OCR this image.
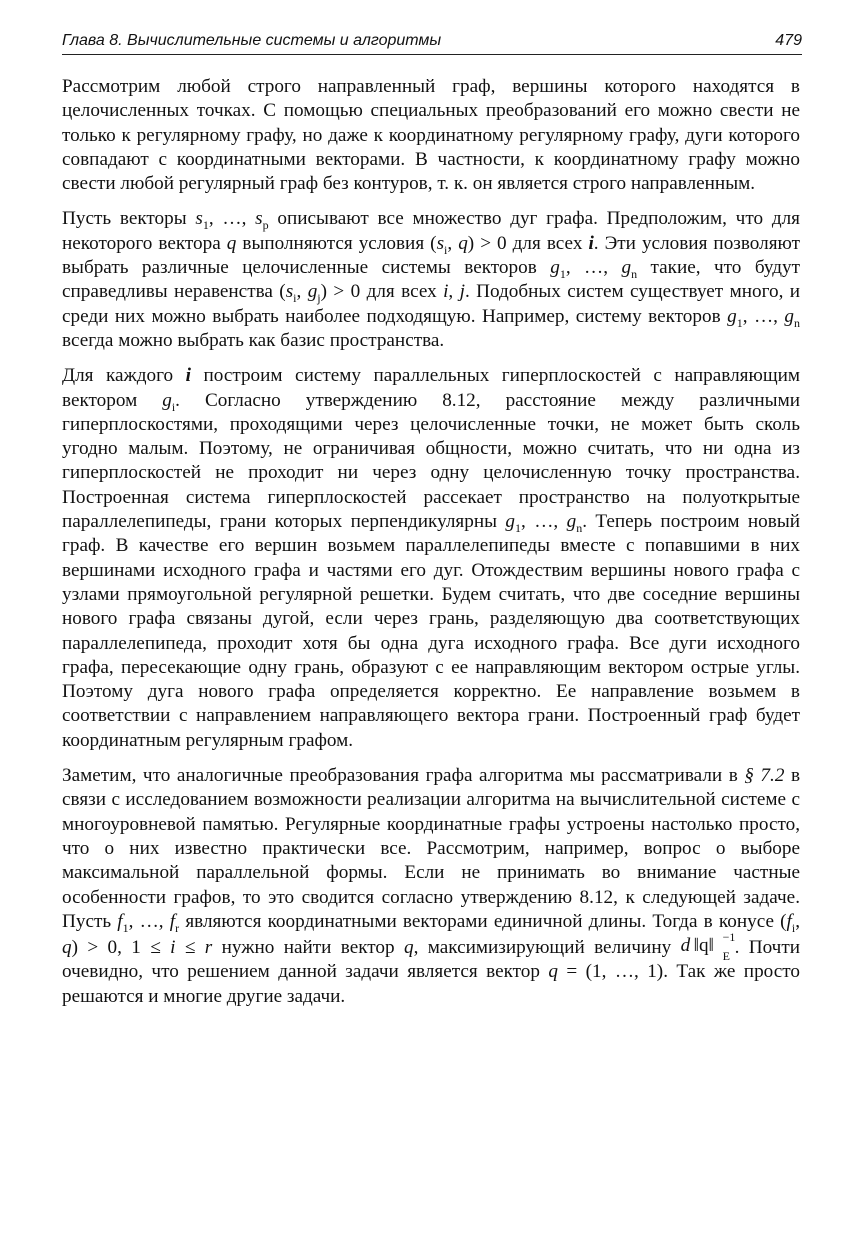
Глава 8. Вычислительные системы и алгоритмы	479

Рассмотрим любой строго направленный граф, вершины которого находятся в целочисленных точках. С помощью специальных преобразований его можно свести не только к регулярному графу, но даже к координатному регулярному графу, дуги которого совпадают с координатными векторами. В частности, к координатному графу можно свести любой регулярный граф без контуров, т. к. он является строго направленным.

Пусть векторы $s_1$, …, $s_p$ описывают все множество дуг графа. Предположим, что для некоторого вектора q выполняются условия ($s_i$, q) > 0 для всех i. Эти условия позволяют выбрать различные целочисленные системы векторов $g_1$, …, $g_n$ такие, что будут справедливы неравенства ($s_i$, $g_j) > 0$ для всех i, j. Подобных систем существует много, и среди них можно выбрать наиболее подходящую. Например, систему векторов $g_1$, …, $g_n$ всегда можно выбрать как базис пространства.

Для каждого i построим систему параллельных гиперплоскостей с направляющим вектором $g_i$. Согласно утверждению 8.12, расстояние между различными гиперплоскостями, проходящими через целочисленные точки, не может быть сколь угодно малым. Поэтому, не ограничивая общности, можно считать, что ни одна из гиперплоскостей не проходит ни через одну целочисленную точку пространства. Построенная система гиперплоскостей рассекает пространство на полуоткрытые параллелепипеды, грани которых перпендикулярны $g_1$, …, $g_n$. Теперь построим новый граф. В качестве его вершин возьмем параллелепипеды вместе с попавшими в них вершинами исходного графа и частями его дуг. Отождествим вершины нового графа с узлами прямоугольной регулярной решетки. Будем считать, что две соседние вершины нового графа связаны дугой, если через грань, разделяющую два соответствующих параллелепипеда, проходит хотя бы одна дуга исходного графа. Все дуги исходного графа, пересекающие одну грань, образуют с ее направляющим вектором острые углы. Поэтому дуга нового графа определяется корректно. Ее направление возьмем в соответствии с направлением направляющего вектора грани. Построенный граф будет координатным регулярным графом.

Заметим, что аналогичные преобразования графа алгоритма мы рассматривали в § 7.2 в связи с исследованием возможности реализации алгоритма на вычислительной системе с многоуровневой памятью. Регулярные координатные графы устроены настолько просто, что о них известно практически все. Рассмотрим, например, вопрос о выборе максимальной параллельной формы. Если не принимать во внимание частные особенности графов, то это сводится согласно утверждению 8.12, к следующей задаче. Пусть $f_1$, …, $f_r$ являются координатными векторами единичной длины. Тогда в конусе ($f_i$, q) > 0, 1 ≤ i ≤ r нужно найти вектор q, максимизирующий величину d ‖q‖ −1
E . Почти очевидно, что решением данной задачи является вектор q = (1, …, 1). Так же просто решаются и многие другие задачи.
